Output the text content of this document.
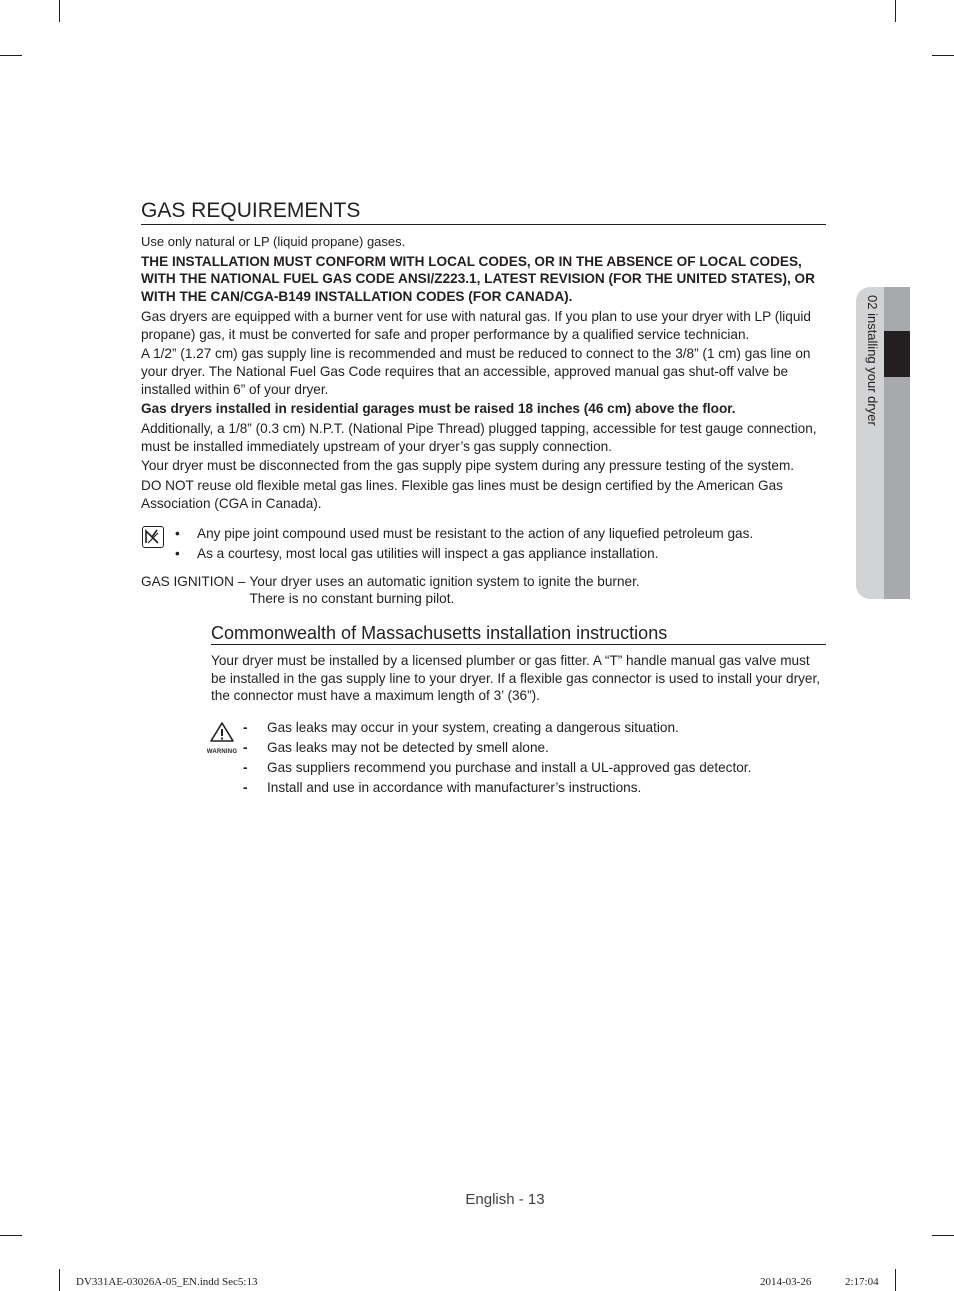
02 installing your dryer
GAS REQUIREMENTS

Use only natural or LP (liquid propane) gases.

THE INSTALLATION MUST CONFORM WITH LOCAL CODES, OR IN THE ABSENCE OF LOCAL CODES, WITH THE NATIONAL FUEL GAS CODE ANSI/Z223.1, LATEST REVISION (FOR THE UNITED STATES), OR WITH THE CAN/CGA-B149 INSTALLATION CODES (FOR CANADA).

Gas dryers are equipped with a burner vent for use with natural gas. If you plan to use your dryer with LP (liquid propane) gas, it must be converted for safe and proper performance by a qualified service technician.

A 1/2” (1.27 cm) gas supply line is recommended and must be reduced to connect to the 3/8” (1 cm) gas line on your dryer. The National Fuel Gas Code requires that an accessible, approved manual gas shut-off valve be installed within 6” of your dryer.

Gas dryers installed in residential garages must be raised 18 inches (46 cm) above the floor.

Additionally, a 1/8” (0.3 cm) N.P.T. (National Pipe Thread) plugged tapping, accessible for test gauge connection, must be installed immediately upstream of your dryer’s gas supply connection.

Your dryer must be disconnected from the gas supply pipe system during any pressure testing of the system.

DO NOT reuse old flexible metal gas lines. Flexible gas lines must be design certified by the American Gas Association (CGA in Canada).

• Any pipe joint compound used must be resistant to the action of any liquefied petroleum gas.
• As a courtesy, most local gas utilities will inspect a gas appliance installation.
GAS IGNITION – Your dryer uses an automatic ignition system to ignite the burner.
There is no constant burning pilot.
Commonwealth of Massachusetts installation instructions

Your dryer must be installed by a licensed plumber or gas fitter. A “T” handle manual gas valve must be installed in the gas supply line to your dryer. If a flexible gas connector is used to install your dryer, the connector must have a maximum length of 3’ (36”).

WARNING
- Gas leaks may occur in your system, creating a dangerous situation.
- Gas leaks may not be detected by smell alone.
- Gas suppliers recommend you purchase and install a UL-approved gas detector.
- Install and use in accordance with manufacturer’s instructions.
English - 13
DV331AE-03026A-05_EN.indd Sec5:13	2014-03-26	2:17:04
